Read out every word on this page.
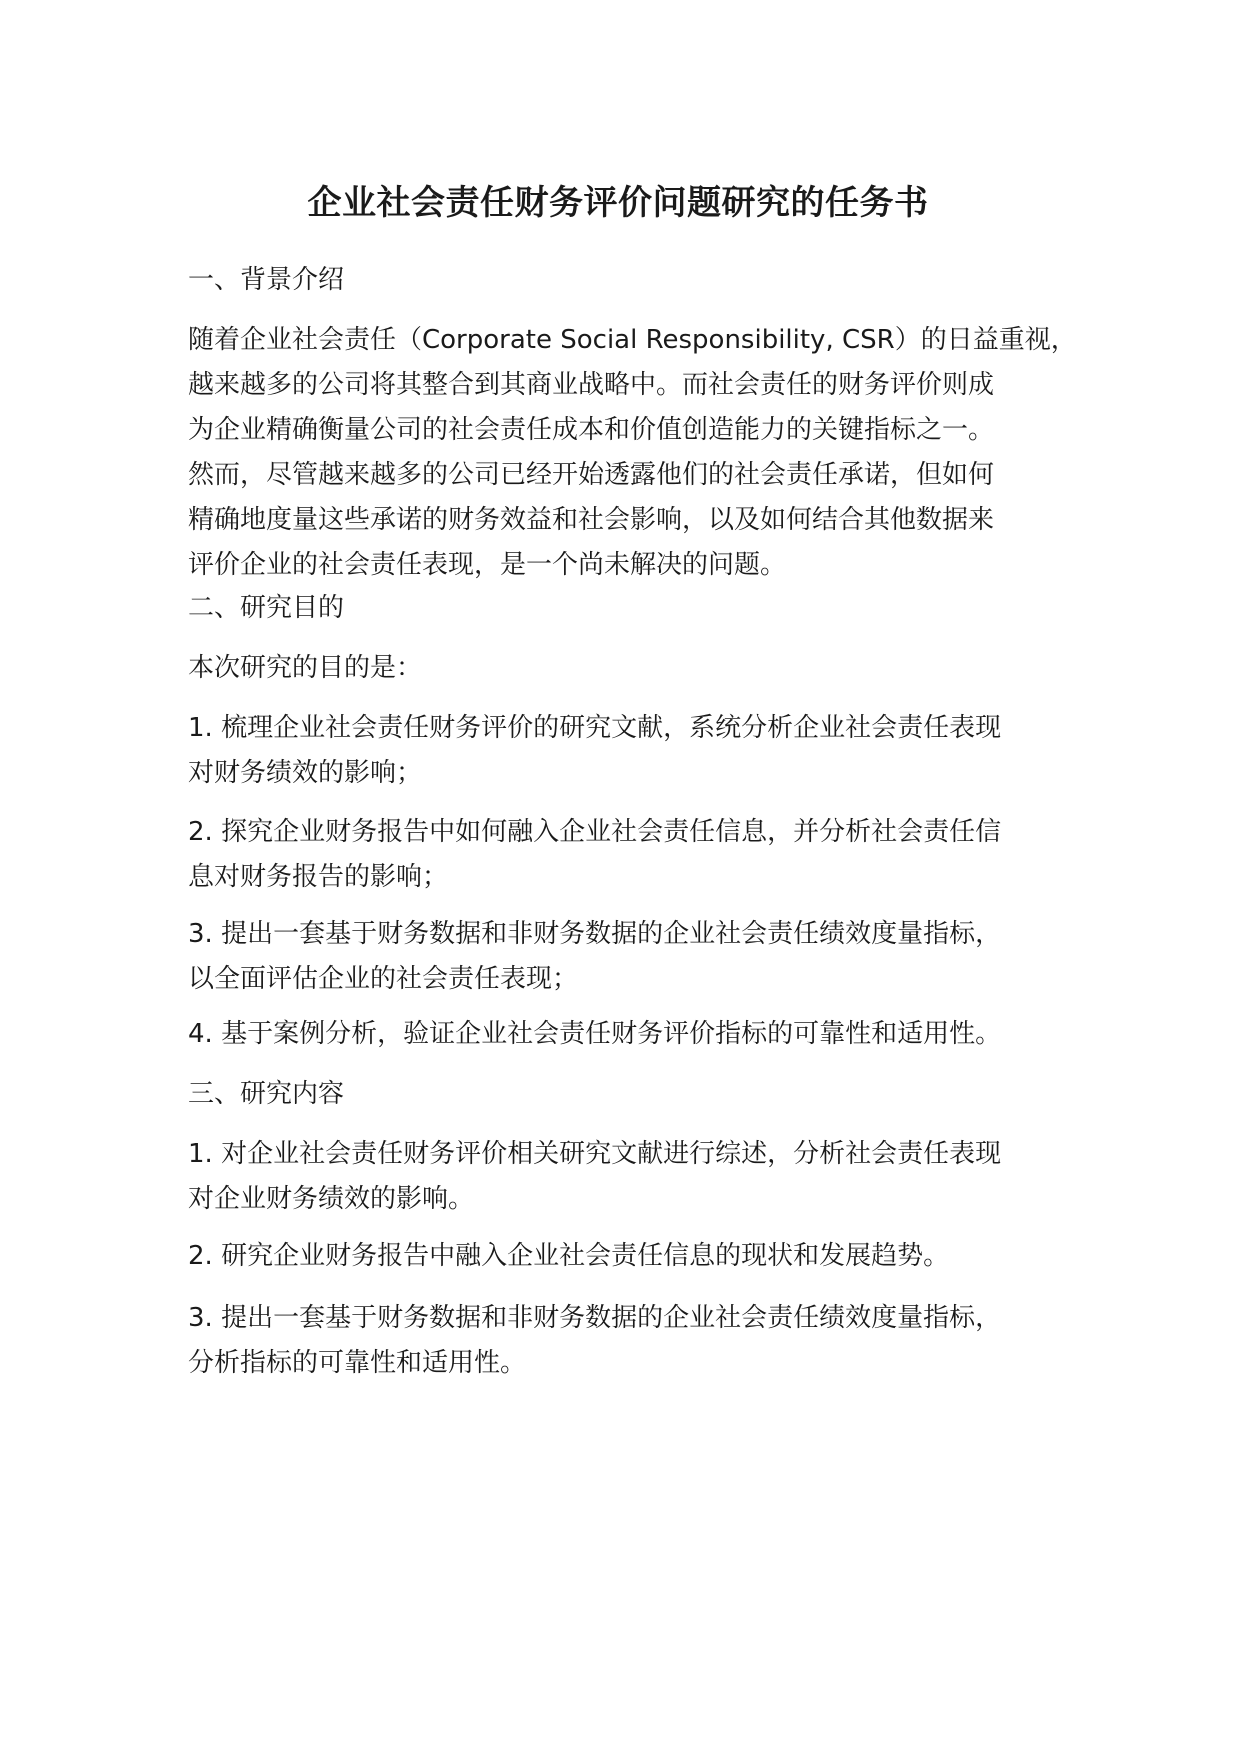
企业社会责任财务评价问题研究的任务书

一、背景介绍

随着企业社会责任（Corporate Social Responsibility, CSR）的日益重视，
越来越多的公司将其整合到其商业战略中。而社会责任的财务评价则成
为企业精确衡量公司的社会责任成本和价值创造能力的关键指标之一。
然而，尽管越来越多的公司已经开始透露他们的社会责任承诺，但如何
精确地度量这些承诺的财务效益和社会影响，以及如何结合其他数据来
评价企业的社会责任表现，是一个尚未解决的问题。

二、研究目的

本次研究的目的是：

1. 梳理企业社会责任财务评价的研究文献，系统分析企业社会责任表现
对财务绩效的影响；

2. 探究企业财务报告中如何融入企业社会责任信息，并分析社会责任信
息对财务报告的影响；

3. 提出一套基于财务数据和非财务数据的企业社会责任绩效度量指标，
以全面评估企业的社会责任表现；

4. 基于案例分析，验证企业社会责任财务评价指标的可靠性和适用性。

三、研究内容

1. 对企业社会责任财务评价相关研究文献进行综述，分析社会责任表现
对企业财务绩效的影响。

2. 研究企业财务报告中融入企业社会责任信息的现状和发展趋势。

3. 提出一套基于财务数据和非财务数据的企业社会责任绩效度量指标，
分析指标的可靠性和适用性。
